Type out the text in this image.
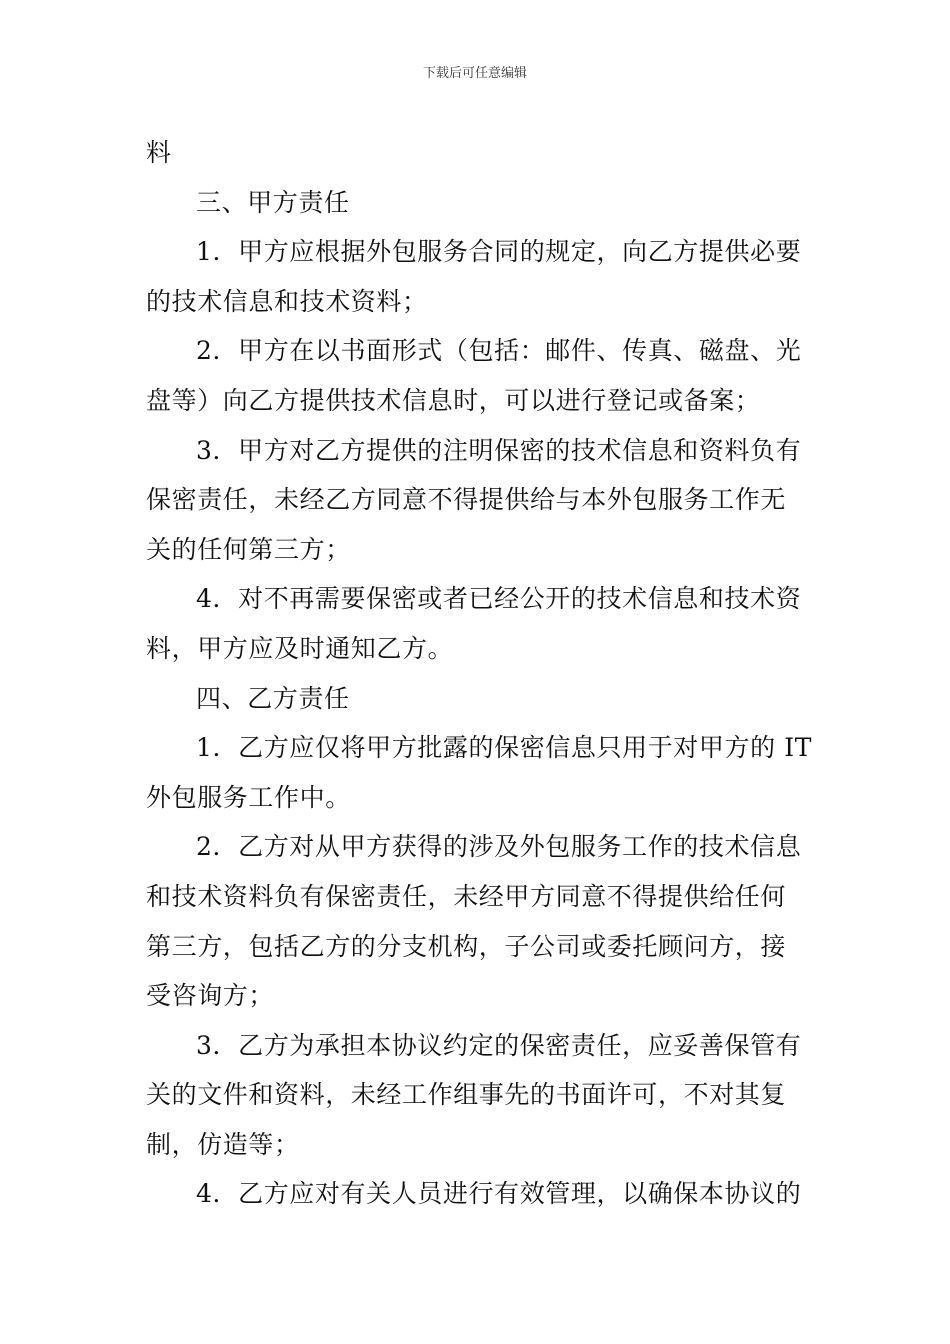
下载后可任意编辑
料
三、甲方责任
1．甲方应根据外包服务合同的规定，向乙方提供必要
的技术信息和技术资料；
2．甲方在以书面形式（包括：邮件、传真、磁盘、光
盘等）向乙方提供技术信息时，可以进行登记或备案；
3．甲方对乙方提供的注明保密的技术信息和资料负有
保密责任，未经乙方同意不得提供给与本外包服务工作无
关的任何第三方；
4．对不再需要保密或者已经公开的技术信息和技术资
料，甲方应及时通知乙方。
四、乙方责任
1．乙方应仅将甲方批露的保密信息只用于对甲方的 IT
外包服务工作中。
2．乙方对从甲方获得的涉及外包服务工作的技术信息
和技术资料负有保密责任，未经甲方同意不得提供给任何
第三方，包括乙方的分支机构，子公司或委托顾问方，接
受咨询方；
3．乙方为承担本协议约定的保密责任，应妥善保管有
关的文件和资料，未经工作组事先的书面许可，不对其复
制，仿造等；
4．乙方应对有关人员进行有效管理，以确保本协议的
